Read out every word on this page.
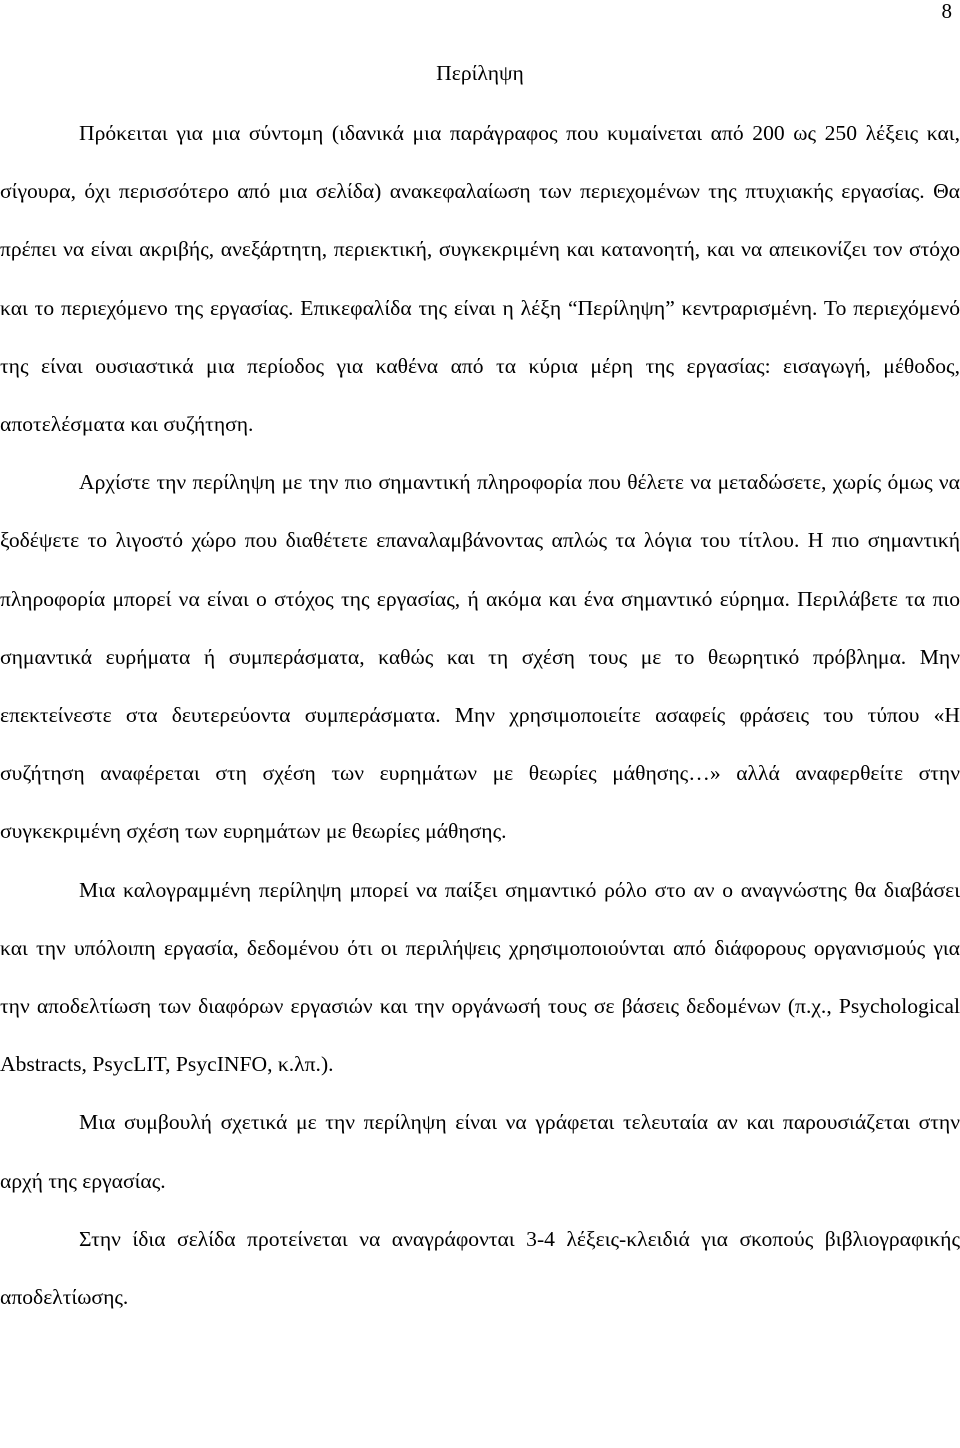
8
Περίληψη

Πρόκειται για μια σύντομη (ιδανικά μια παράγραφος που κυμαίνεται από 200 ως 250 λέξεις και, σίγουρα, όχι περισσότερο από μια σελίδα) ανακεφαλαίωση των περιεχομένων της πτυχιακής εργασίας. Θα πρέπει να είναι ακριβής, ανεξάρτητη, περιεκτική, συγκεκριμένη και κατανοητή, και να απεικονίζει τον στόχο και το περιεχόμενο της εργασίας. Επικεφαλίδα της είναι η λέξη “Περίληψη” κεντραρισμένη. Το περιεχόμενό της είναι ουσιαστικά μια περίοδος για καθένα από τα κύρια μέρη της εργασίας: εισαγωγή, μέθοδος, αποτελέσματα και συζήτηση.

Αρχίστε την περίληψη με την πιο σημαντική πληροφορία που θέλετε να μεταδώσετε, χωρίς όμως να ξοδέψετε το λιγοστό χώρο που διαθέτετε επαναλαμβάνοντας απλώς τα λόγια του τίτλου. Η πιο σημαντική πληροφορία μπορεί να είναι ο στόχος της εργασίας, ή ακόμα και ένα σημαντικό εύρημα. Περιλάβετε τα πιο σημαντικά ευρήματα ή συμπεράσματα, καθώς και τη σχέση τους με το θεωρητικό πρόβλημα. Μην επεκτείνεστε στα δευτερεύοντα συμπεράσματα. Μην χρησιμοποιείτε ασαφείς φράσεις του τύπου «Η συζήτηση αναφέρεται στη σχέση των ευρημάτων με θεωρίες μάθησης…» αλλά αναφερθείτε στην συγκεκριμένη σχέση των ευρημάτων με θεωρίες μάθησης.

Μια καλογραμμένη περίληψη μπορεί να παίξει σημαντικό ρόλο στο αν ο αναγνώστης θα διαβάσει και την υπόλοιπη εργασία, δεδομένου ότι οι περιλήψεις χρησιμοποιούνται από διάφορους οργανισμούς για την αποδελτίωση των διαφόρων εργασιών και την οργάνωσή τους σε βάσεις δεδομένων (π.χ., Psychological Abstracts, PsycLIT, PsycINFO, κ.λπ.).

Μια συμβουλή σχετικά με την περίληψη είναι να γράφεται τελευταία αν και παρουσιάζεται στην αρχή της εργασίας.

Στην ίδια σελίδα προτείνεται να αναγράφονται 3-4 λέξεις-κλειδιά για σκοπούς βιβλιογραφικής αποδελτίωσης.
